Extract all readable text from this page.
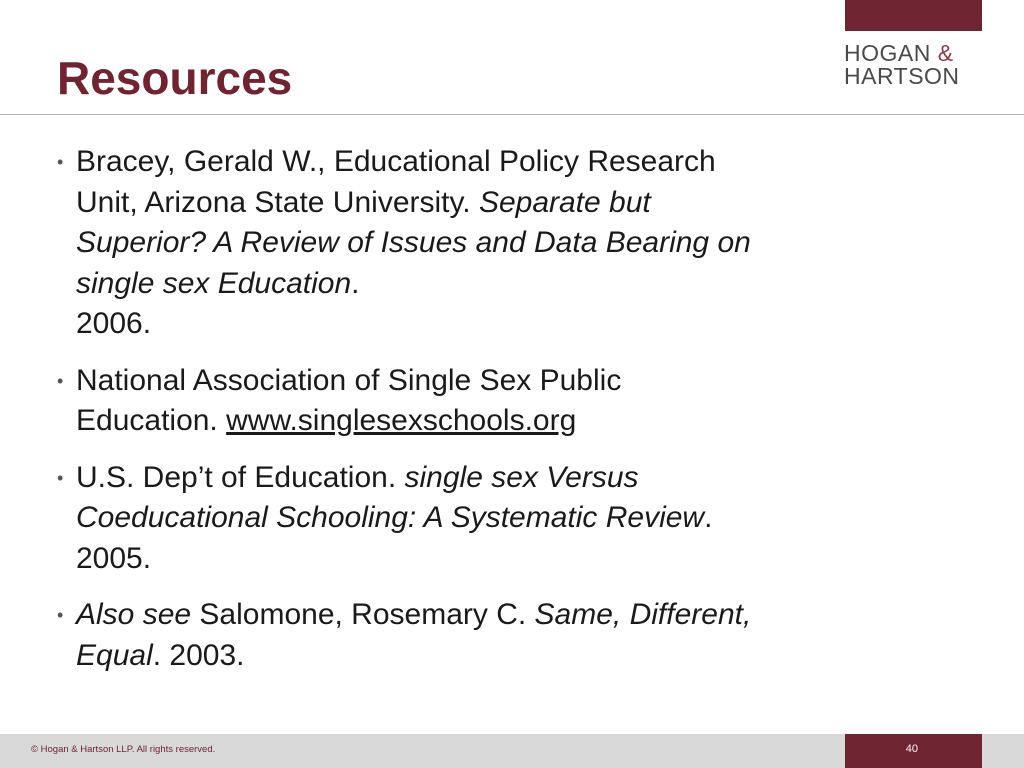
Resources	HOGAN &
HARTSON
• Bracey, Gerald W., Educational Policy Research Unit, Arizona State University. Separate but Superior? A Review of Issues and Data Bearing on single sex Education.
2006.
• National Association of Single Sex Public Education. www.singlesexschools.org
• U.S. Dep’t of Education. single sex Versus Coeducational Schooling: A Systematic Review. 2005.
• Also see Salomone, Rosemary C. Same, Different, Equal. 2003.
© Hogan & Hartson LLP. All rights reserved.	40
